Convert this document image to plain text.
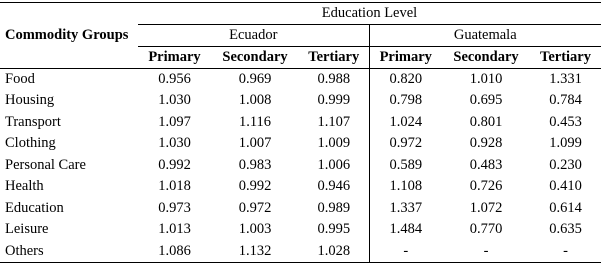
Commodity Groups	Education Level					
	Ecuador			Guatemala		
	Primary	Secondary	Tertiary	Primary	Secondary	Tertiary
Food	0.956	0.969	0.988	0.820	1.010	1.331
Housing	1.030	1.008	0.999	0.798	0.695	0.784
Transport	1.097	1.116	1.107	1.024	0.801	0.453
Clothing	1.030	1.007	1.009	0.972	0.928	1.099
Personal Care	0.992	0.983	1.006	0.589	0.483	0.230
Health	1.018	0.992	0.946	1.108	0.726	0.410
Education	0.973	0.972	0.989	1.337	1.072	0.614
Leisure	1.013	1.003	0.995	1.484	0.770	0.635
Others	1.086	1.132	1.028	-	-	-
